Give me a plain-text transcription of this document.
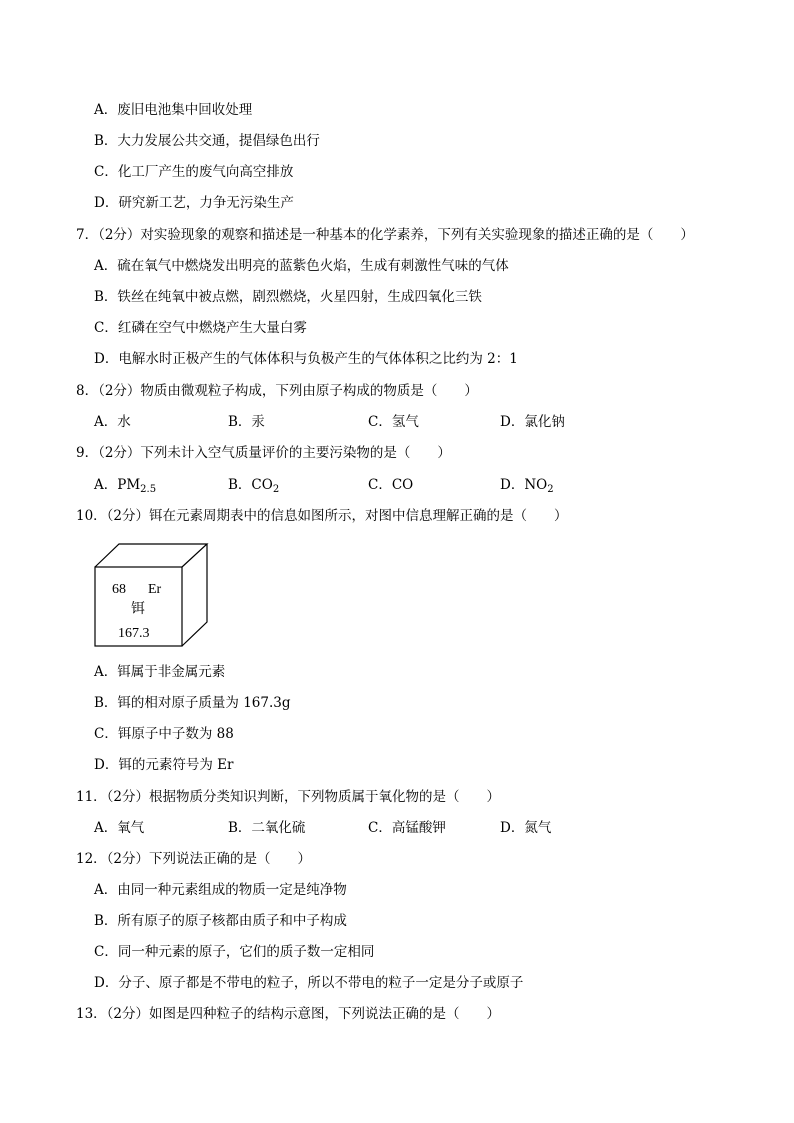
A．废旧电池集中回收处理
B．大力发展公共交通，提倡绿色出行
C．化工厂产生的废气向高空排放
D．研究新工艺，力争无污染生产
7．（2分）对实验现象的观察和描述是一种基本的化学素养，下列有关实验现象的描述正确的是（　　）
A．硫在氧气中燃烧发出明亮的蓝紫色火焰，生成有刺激性气味的气体
B．铁丝在纯氧中被点燃，剧烈燃烧，火星四射，生成四氧化三铁
C．红磷在空气中燃烧产生大量白雾
D．电解水时正极产生的气体体积与负极产生的气体体积之比约为 2：1
8．（2分）物质由微观粒子构成，下列由原子构成的物质是（　　）
A．水	B．汞	C．氢气	D．氯化钠
9．（2分）下列未计入空气质量评价的主要污染物的是（　　）
A．$PM_{2.5}$	B．$CO_2$	C．CO	D．$NO_2$
10．（2分）铒在元素周期表中的信息如图所示，对图中信息理解正确的是（　　）
68 Er
铒
167.3
A．铒属于非金属元素
B．铒的相对原子质量为 167.3g
C．铒原子中子数为 88
D．铒的元素符号为 Er
11．（2分）根据物质分类知识判断，下列物质属于氧化物的是（　　）
A．氧气	B．二氧化硫	C．高锰酸钾	D．氮气
12．（2分）下列说法正确的是（　　）
A．由同一种元素组成的物质一定是纯净物
B．所有原子的原子核都由质子和中子构成
C．同一种元素的原子，它们的质子数一定相同
D．分子、原子都是不带电的粒子，所以不带电的粒子一定是分子或原子
13．（2分）如图是四种粒子的结构示意图，下列说法正确的是（　　）
